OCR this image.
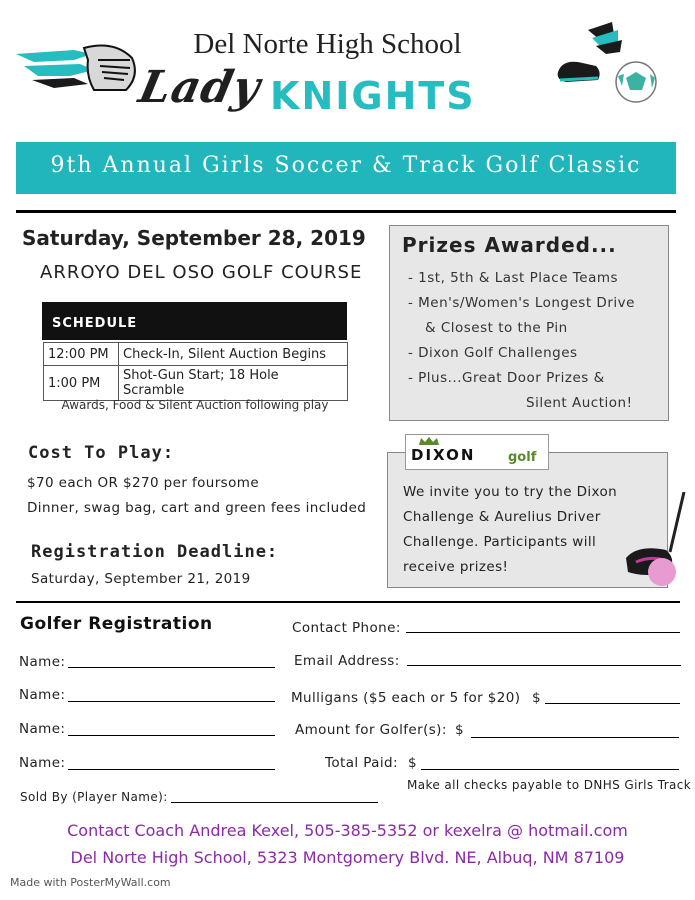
Del Norte High School
Lady KNIGHTS
9th Annual Girls Soccer & Track Golf Classic
Saturday, September 28, 2019
ARROYO DEL OSO GOLF COURSE
SCHEDULE
12:00 PM	Check-In, Silent Auction Begins
1:00 PM	Shot-Gun Start; 18 Hole Scramble
Awards, Food & Silent Auction following play
Prizes Awarded...
- 1st, 5th & Last Place Teams
- Men's/Women's Longest Drive
& Closest to the Pin
- Dixon Golf Challenges
- Plus...Great Door Prizes &
Silent Auction!
Cost To Play:
$70 each OR $270 per foursome
Dinner, swag bag, cart and green fees included
Registration Deadline:
Saturday, September 21, 2019
DIXON	golf
We invite you to try the Dixon Challenge & Aurelius Driver Challenge. Participants will receive prizes!
Golfer Registration
Name:
Name:
Name:
Name:
Sold By (Player Name):
Contact Phone:
Email Address:
Mulligans ($5 each or 5 for $20) $
Amount for Golfer(s): $
Total Paid: $
Make all checks payable to DNHS Girls Track
Contact Coach Andrea Kexel, 505-385-5352 or kexelra @ hotmail.com
Del Norte High School, 5323 Montgomery Blvd. NE, Albuq, NM 87109
Made with PosterMyWall.com
